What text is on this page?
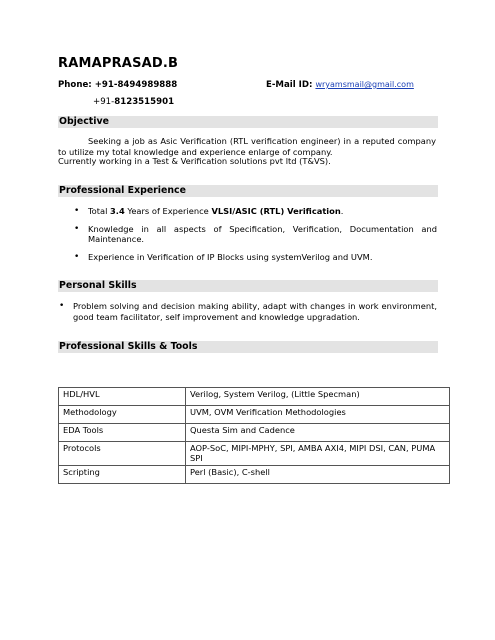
RAMAPRASAD.B
Phone: +91-8494989888	E-Mail ID: wryamsmail@gmail.com
+91-8123515901
Objective
Seeking a job as Asic Verification (RTL verification engineer) in a reputed company to utilize my total knowledge and experience enlarge of company.
Currently working in a Test & Verification solutions pvt ltd (T&VS).
Professional Experience
• Total 3.4 Years of Experience VLSI/ASIC (RTL) Verification.
• Knowledge in all aspects of Specification, Verification, Documentation and Maintenance.
• Experience in Verification of IP Blocks using systemVerilog and UVM.
Personal Skills
• Problem solving and decision making ability, adapt with changes in work environment, good team facilitator, self improvement and knowledge upgradation.
Professional Skills & Tools
HDL/HVL	Verilog, System Verilog, (Little Specman)
Methodology	UVM, OVM Verification Methodologies
EDA Tools	Questa Sim and Cadence
Protocols	AOP-SoC, MIPI-MPHY, SPI, AMBA AXI4, MIPI DSI, CAN, PUMA SPI
Scripting	Perl (Basic), C-shell
